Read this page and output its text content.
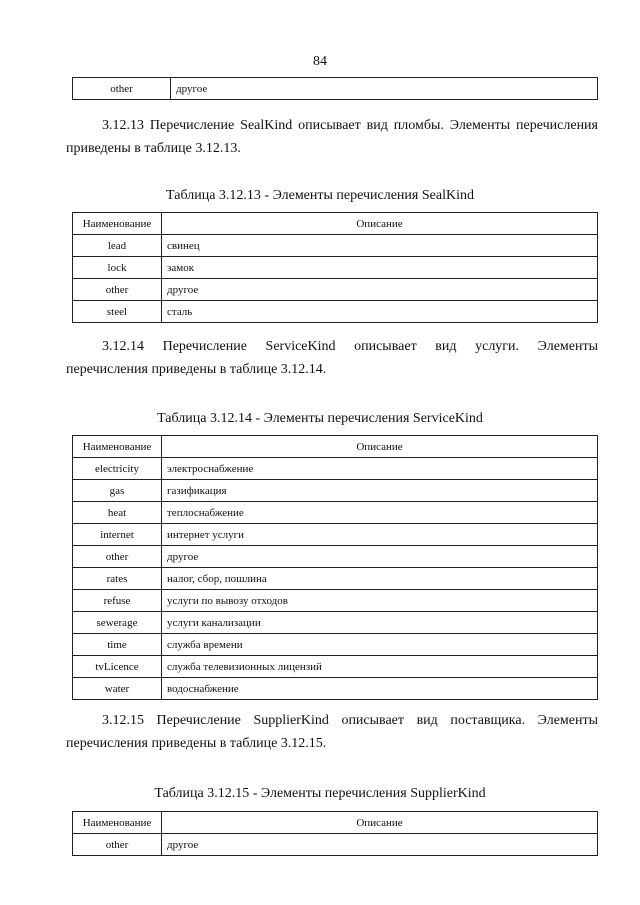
84
other	другое

3.12.13 Перечисление SealKind описывает вид пломбы. Элементы перечисления

приведены в таблице 3.12.13.

Таблица 3.12.13 - Элементы перечисления SealKind
Наименование	Описание
lead	свинец
lock	замок
other	другое
steel	сталь

3.12.14 Перечисление ServiceKind описывает вид услуги. Элементы

перечисления приведены в таблице 3.12.14.

Таблица 3.12.14 - Элементы перечисления ServiceKind
Наименование	Описание
electricity	электроснабжение
gas	газификация
heat	теплоснабжение
internet	интернет услуги
other	другое
rates	налог, сбор, пошлина
refuse	услуги по вывозу отходов
sewerage	услуги канализации
time	служба времени
tvLicence	служба телевизионных лицензий
water	водоснабжение

3.12.15 Перечисление SupplierKind описывает вид поставщика. Элементы

перечисления приведены в таблице 3.12.15.

Таблица 3.12.15 - Элементы перечисления SupplierKind
Наименование	Описание
other	другое
